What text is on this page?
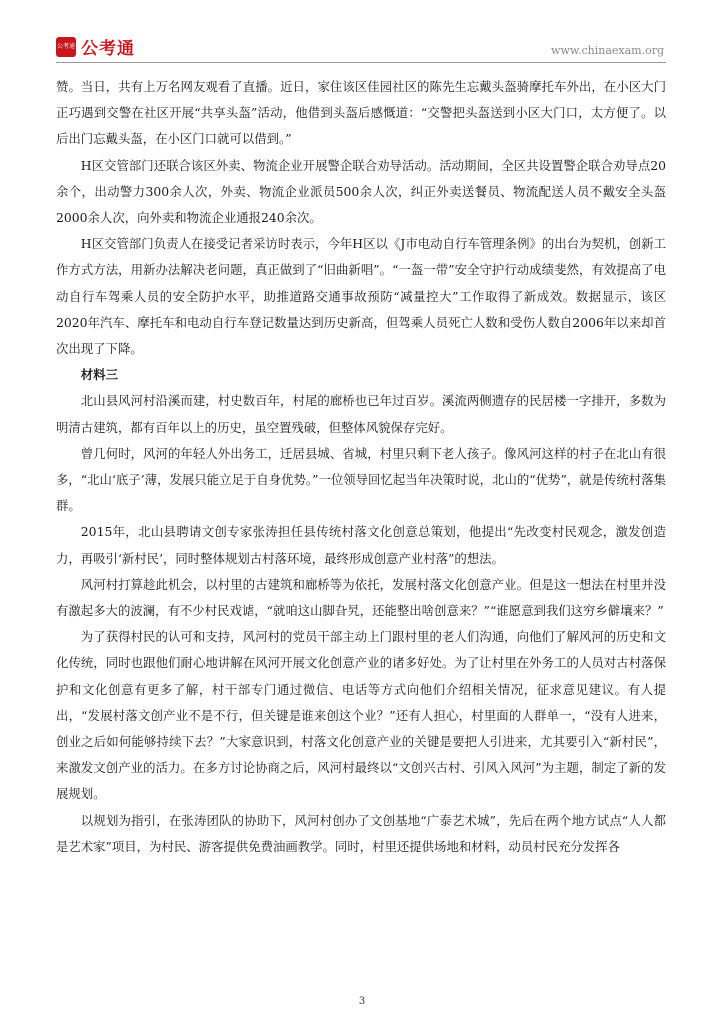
公考通 公考通	www.chinaexam.org

赞。当日，共有上万名网友观看了直播。近日，家住该区佳园社区的陈先生忘戴头盔骑摩托车外出，在小区大门正巧遇到交警在社区开展“共享头盔”活动，他借到头盔后感慨道：“交警把头盔送到小区大门口，太方便了。以后出门忘戴头盔，在小区门口就可以借到。”

H区交管部门还联合该区外卖、物流企业开展警企联合劝导活动。活动期间，全区共设置警企联合劝导点20余个，出动警力300余人次，外卖、物流企业派员500余人次，纠正外卖送餐员、物流配送人员不戴安全头盔2000余人次，向外卖和物流企业通报240余次。

H区交管部门负责人在接受记者采访时表示，今年H区以《J市电动自行车管理条例》的出台为契机，创新工作方式方法，用新办法解决老问题，真正做到了“旧曲新唱”。“一盔一带”安全守护行动成绩斐然，有效提高了电动自行车驾乘人员的安全防护水平，助推道路交通事故预防“减量控大”工作取得了新成效。数据显示，该区2020年汽车、摩托车和电动自行车登记数量达到历史新高，但驾乘人员死亡人数和受伤人数自2006年以来却首次出现了下降。

材料三

北山县风河村沿溪而建，村史数百年，村尾的廊桥也已年过百岁。溪流两侧遗存的民居楼一字排开，多数为明清古建筑，都有百年以上的历史，虽空置残破，但整体风貌保存完好。

曾几何时，风河的年轻人外出务工，迁居县城、省城，村里只剩下老人孩子。像风河这样的村子在北山有很多，“北山‘底子’薄，发展只能立足于自身优势。”一位领导回忆起当年决策时说，北山的“优势”，就是传统村落集群。

2015年，北山县聘请文创专家张涛担任县传统村落文化创意总策划，他提出“先改变村民观念，激发创造力，再吸引‘新村民’，同时整体规划古村落环境，最终形成创意产业村落”的想法。

风河村打算趁此机会，以村里的古建筑和廊桥等为依托，发展村落文化创意产业。但是这一想法在村里并没有激起多大的波澜，有不少村民戏谑，“就咱这山脚旮旯，还能整出啥创意来？”“谁愿意到我们这穷乡僻壤来？”

为了获得村民的认可和支持，风河村的党员干部主动上门跟村里的老人们沟通，向他们了解风河的历史和文化传统，同时也跟他们耐心地讲解在风河开展文化创意产业的诸多好处。为了让村里在外务工的人员对古村落保护和文化创意有更多了解，村干部专门通过微信、电话等方式向他们介绍相关情况，征求意见建议。有人提出，“发展村落文创产业不是不行，但关键是谁来创这个业？”还有人担心，村里面的人群单一，“没有人进来，创业之后如何能够持续下去？”大家意识到，村落文化创意产业的关键是要把人引进来，尤其要引入“新村民”，来激发文创产业的活力。在多方讨论协商之后，风河村最终以“文创兴古村、引风入风河”为主题，制定了新的发展规划。

以规划为指引，在张涛团队的协助下，风河村创办了文创基地“广泰艺术城”，先后在两个地方试点“人人都是艺术家”项目，为村民、游客提供免费油画教学。同时，村里还提供场地和材料，动员村民充分发挥各

3
